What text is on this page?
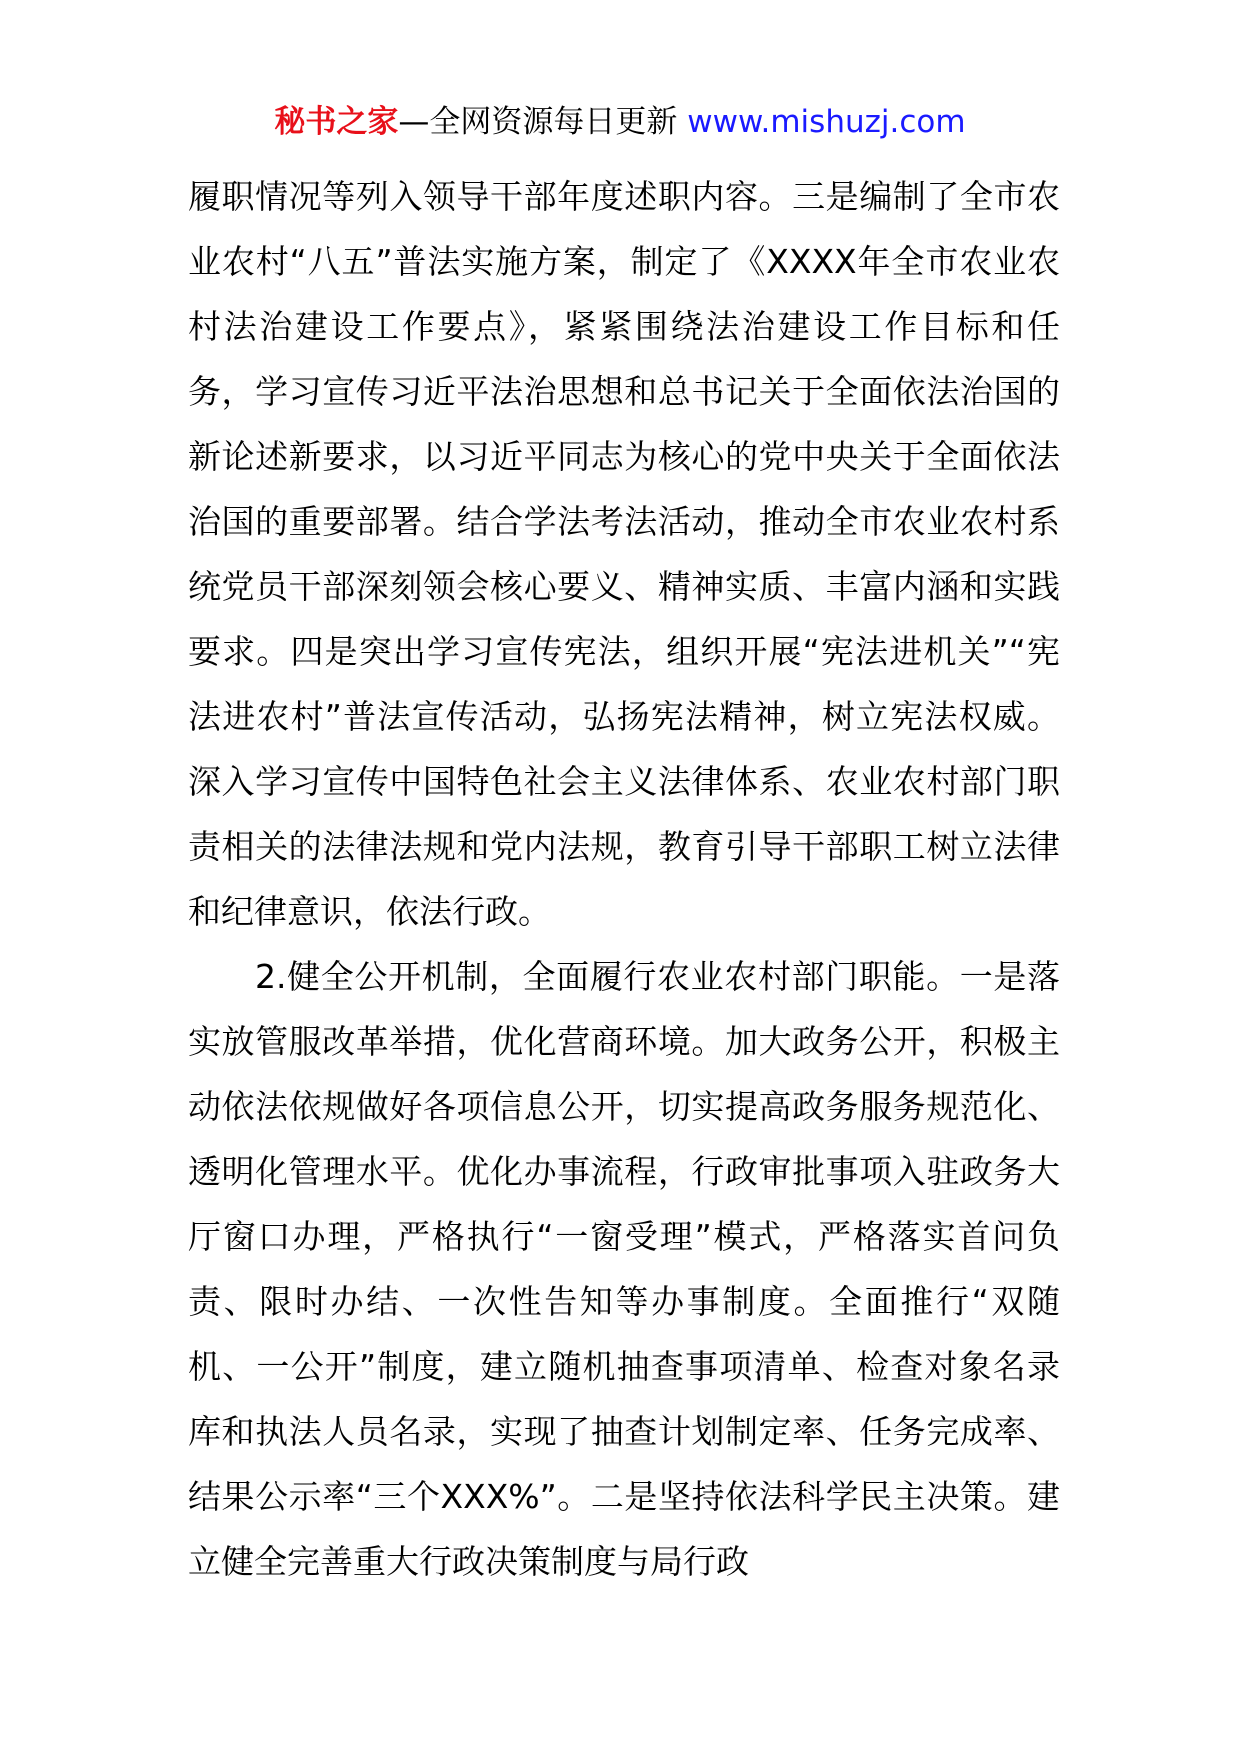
秘书之家—全网资源每日更新 www.mishuzj.com

履职情况等列入领导干部年度述职内容。三是编制了全市农业农村“八五”普法实施方案，制定了《XXXX年全市农业农村法治建设工作要点》，紧紧围绕法治建设工作目标和任务，学习宣传习近平法治思想和总书记关于全面依法治国的新论述新要求，以习近平同志为核心的党中央关于全面依法治国的重要部署。结合学法考法活动，推动全市农业农村系统党员干部深刻领会核心要义、精神实质、丰富内涵和实践要求。四是突出学习宣传宪法，组织开展“宪法进机关”“宪法进农村”普法宣传活动，弘扬宪法精神，树立宪法权威。深入学习宣传中国特色社会主义法律体系、农业农村部门职责相关的法律法规和党内法规，教育引导干部职工树立法律和纪律意识，依法行政。

2.健全公开机制，全面履行农业农村部门职能。一是落实放管服改革举措，优化营商环境。加大政务公开，积极主动依法依规做好各项信息公开，切实提高政务服务规范化、透明化管理水平。优化办事流程，行政审批事项入驻政务大厅窗口办理，严格执行“一窗受理”模式，严格落实首问负责、限时办结、一次性告知等办事制度。全面推行“双随机、一公开”制度，建立随机抽查事项清单、检查对象名录库和执法人员名录，实现了抽查计划制定率、任务完成率、结果公示率“三个XXX%”。二是坚持依法科学民主决策。建立健全完善重大行政决策制度与局行政
